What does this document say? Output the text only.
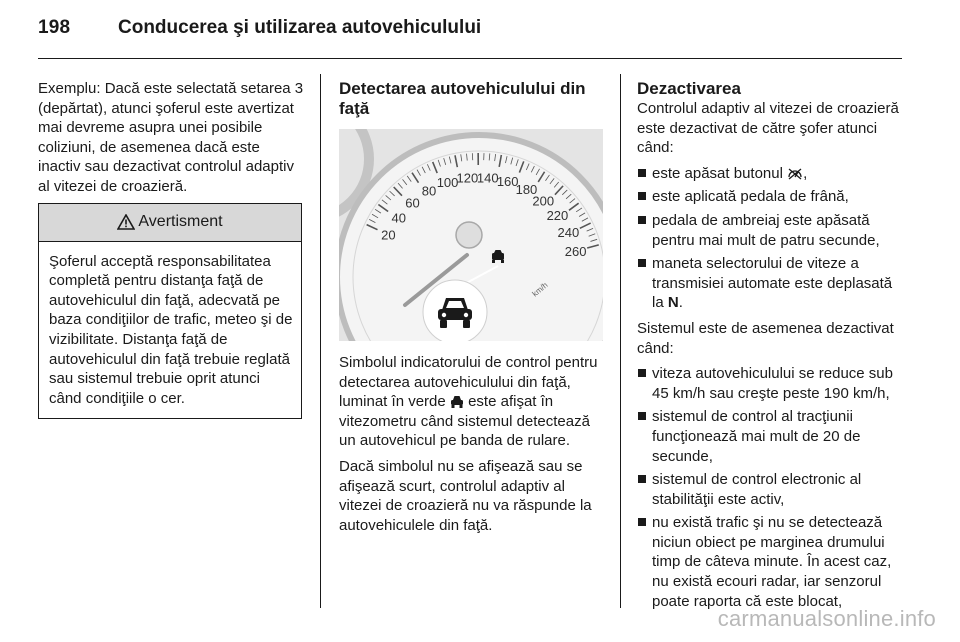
198	Conducerea şi utilizarea autovehiculului

Exemplu: Dacă este selectată setarea 3 (depărtat), atunci şoferul este avertizat mai devreme asupra unei posibile coliziuni, de asemenea dacă este inactiv sau dezactivat controlul adaptiv al vitezei de croazieră.

Avertisment
Şoferul acceptă responsabilitatea completă pentru distanţa faţă de autovehiculul din faţă, adecvată pe baza condiţiilor de trafic, meteo şi de vizibilitate. Distanţa faţă de autovehiculul din faţă trebuie reglată sau sistemul trebuie oprit atunci când condiţiile o cer.
Detectarea autovehiculului din faţă
20
40
60
80
100
120
140
160
180
200
220
240
260
km/h

Simbolul indicatorului de control pentru detectarea autovehiculului din faţă, luminat în verde este afişat în vitezometru când sistemul detectează un autovehicul pe banda de rulare.

Dacă simbolul nu se afişează sau se afişează scurt, controlul adaptiv al vitezei de croazieră nu va răspunde la autovehiculele din faţă.

Dezactivarea

Controlul adaptiv al vitezei de croazieră este dezactivat de către şofer atunci când:

este apăsat butonul ,
este aplicată pedala de frână,
pedala de ambreiaj este apăsată pentru mai mult de patru secunde,
maneta selectorului de viteze a transmisiei automate este deplasată la N.

Sistemul este de asemenea dezactivat când:

viteza autovehiculului se reduce sub 45 km/h sau creşte peste 190 km/h,
sistemul de control al tracţiunii funcţionează mai mult de 20 de secunde,
sistemul de control electronic al stabilităţii este activ,
nu există trafic şi nu se detectează niciun obiect pe marginea drumului timp de câteva minute. În acest caz, nu există ecouri radar, iar senzorul poate raporta că este blocat,
carmanualsonline.info
